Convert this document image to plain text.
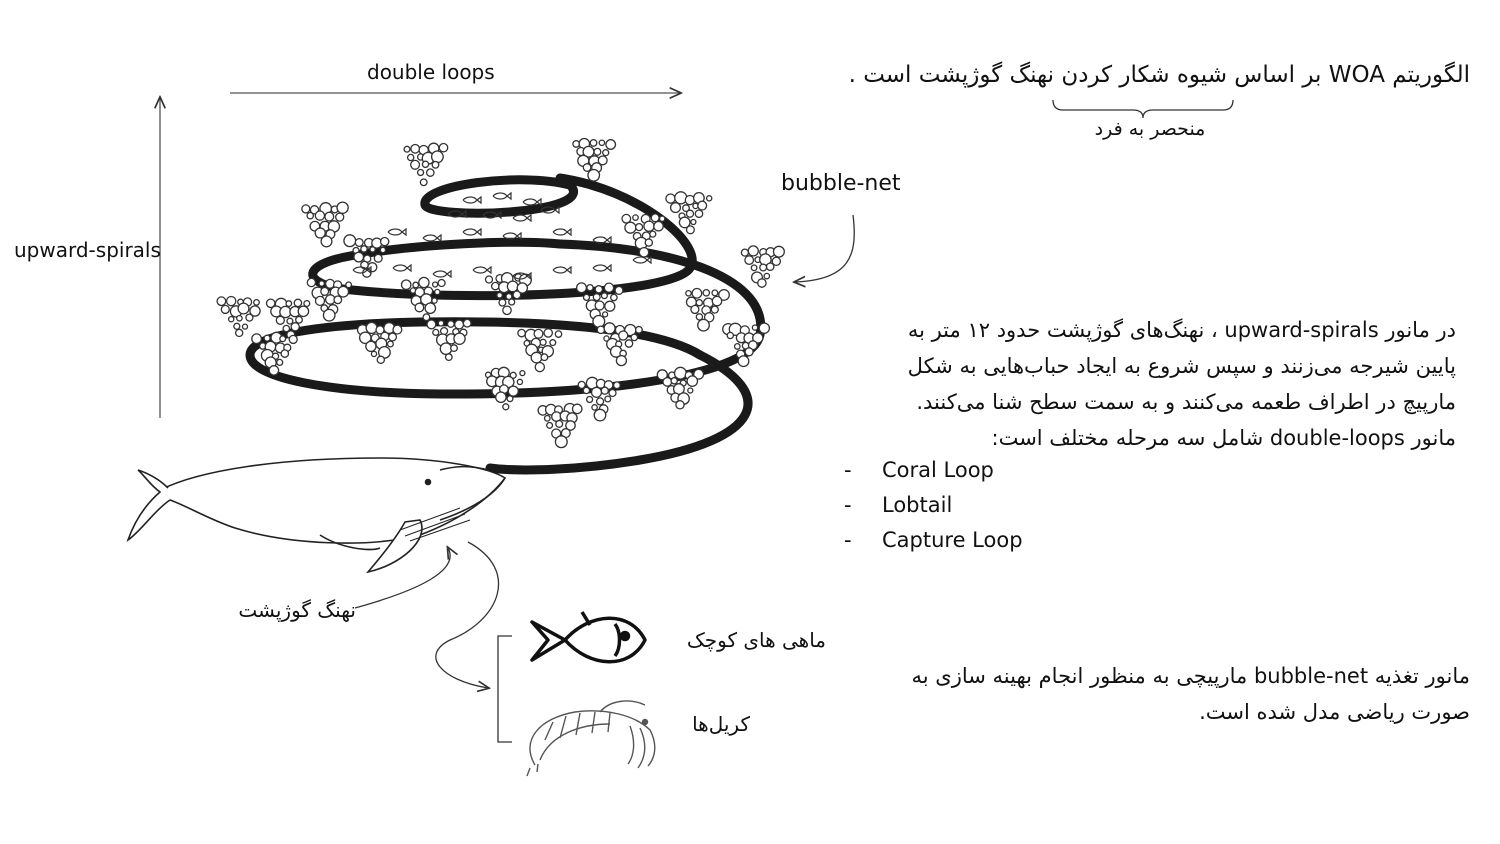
الگوریتم WOA بر اساس شیوه شکار کردن نهنگ گوژپشت است .
منحصر به فرد
double loops
upward-spirals
bubble-net
نهنگ گوژپشت
ماهی های کوچک
کریل‌ها

در مانور upward-spirals ، نهنگ‌های گوژپشت حدود ۱۲ متر به

پایین شیرجه می‌زنند و سپس شروع به ایجاد حباب‌هایی به شکل

مارپیچ در اطراف طعمه می‌کنند و به سمت سطح شنا می‌کنند.

مانور double-loops شامل سه مرحله مختلف است:

-	Coral Loop
-	Lobtail
-	Capture Loop
مانور تغذیه bubble-net مارپیچی به منظور انجام بهینه سازی به
صورت ریاضی مدل شده است.
